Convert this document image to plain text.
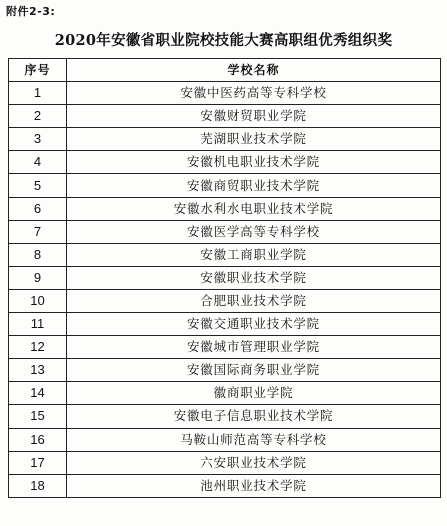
附件2-3:
2020年安徽省职业院校技能大赛高职组优秀组织奖
序号	学校名称
1	安徽中医药高等专科学校
2	安徽财贸职业学院
3	芜湖职业技术学院
4	安徽机电职业技术学院
5	安徽商贸职业技术学院
6	安徽水利水电职业技术学院
7	安徽医学高等专科学校
8	安徽工商职业学院
9	安徽职业技术学院
10	合肥职业技术学院
11	安徽交通职业技术学院
12	安徽城市管理职业学院
13	安徽国际商务职业学院
14	徽商职业学院
15	安徽电子信息职业技术学院
16	马鞍山师范高等专科学校
17	六安职业技术学院
18	池州职业技术学院
